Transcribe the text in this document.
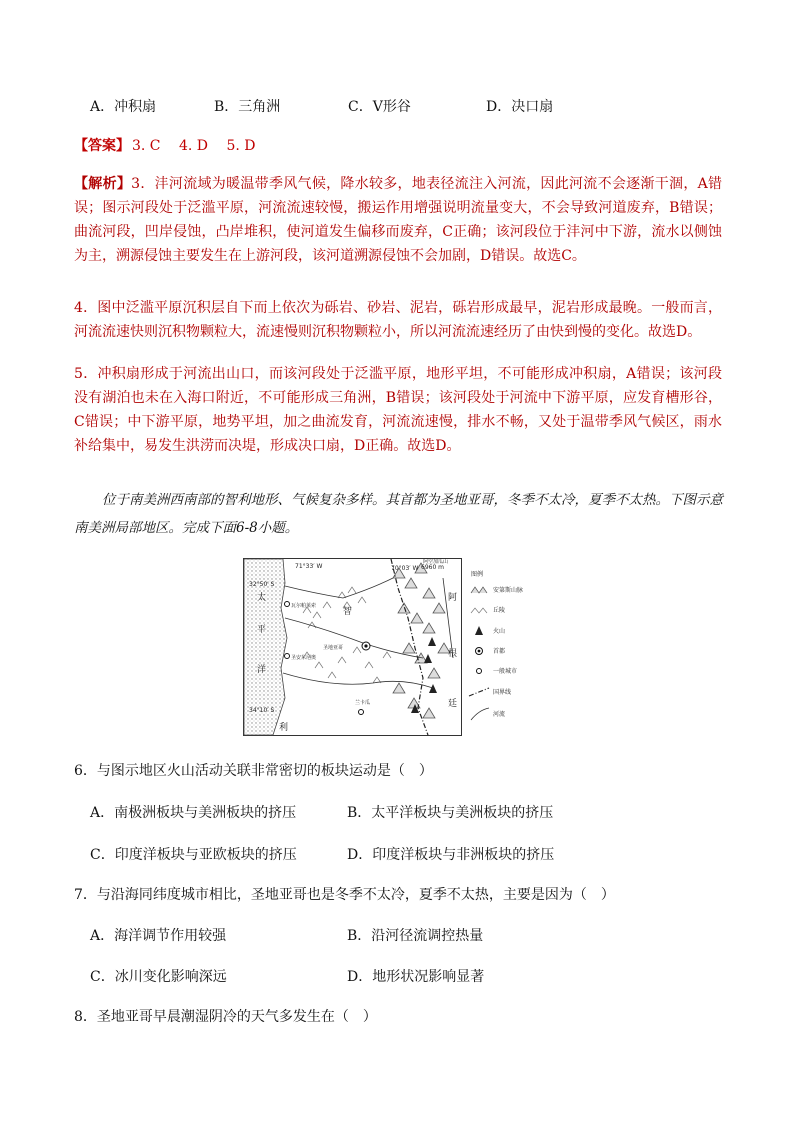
A．冲积扇	B．三角洲	C．V形谷	D．决口扇
【答案】 3. C　 4. D　 5. D
【解析】3．沣河流域为暖温带季风气候，降水较多，地表径流注入河流，因此河流不会逐渐干涸，A错误；图示河段处于泛滥平原，河流流速较慢，搬运作用增强说明流量变大，不会导致河道废弃，B错误；曲流河段，凹岸侵蚀，凸岸堆积，使河道发生偏移而废弃，C正确；该河段位于沣河中下游，流水以侧蚀为主，溯源侵蚀主要发生在上游河段，该河道溯源侵蚀不会加剧，D错误。故选C。
4．图中泛滥平原沉积层自下而上依次为砾岩、砂岩、泥岩，砾岩形成最早，泥岩形成最晚。一般而言，河流流速快则沉积物颗粒大，流速慢则沉积物颗粒小，所以河流流速经历了由快到慢的变化。故选D。
5．冲积扇形成于河流出山口，而该河段处于泛滥平原，地形平坦，不可能形成冲积扇，A错误；该河段没有湖泊也未在入海口附近，不可能形成三角洲，B错误；该河段处于河流中下游平原，应发育槽形谷，C错误；中下游平原，地势平坦，加之曲流发育，河流流速慢，排水不畅，又处于温带季风气候区，雨水补给集中，易发生洪涝而决堤，形成决口扇，D正确。故选D。
位于南美洲西南部的智利地形、气候复杂多样。其首都为圣地亚哥，冬季不太冷，夏季不太热。下图示意南美洲局部地区。完成下面6-8小题。
32°50′ S
34°10′ S
71°33′ W	70°03′ W 6960 m
阿空加瓜山
瓦尔帕莱索
圣安东尼奥
兰卡瓜
圣地亚哥
太
平
洋
智
利
阿
根
廷
图例
安第斯山脉
丘陵
火山
首都
一般城市
国界线
河流
6．与图示地区火山活动关联非常密切的板块运动是（　）
A．南极洲板块与美洲板块的挤压	B．太平洋板块与美洲板块的挤压
C．印度洋板块与亚欧板块的挤压	D．印度洋板块与非洲板块的挤压
7．与沿海同纬度城市相比，圣地亚哥也是冬季不太冷，夏季不太热，主要是因为（　）
A．海洋调节作用较强	B．沿河径流调控热量
C．冰川变化影响深远	D．地形状况影响显著
8．圣地亚哥早晨潮湿阴冷的天气多发生在（　）
